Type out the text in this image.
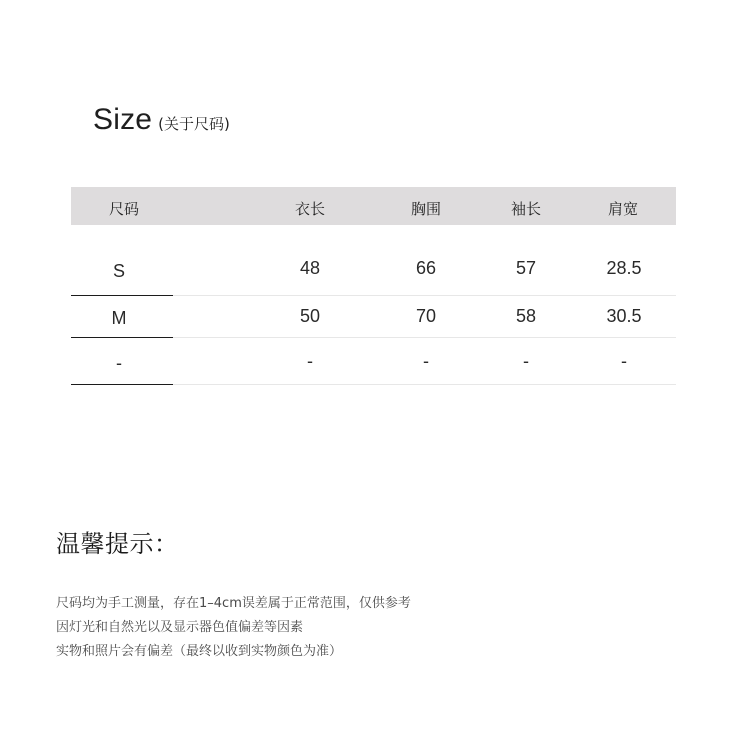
Size (关于尺码)
尺码	衣长	胸围	袖长	肩宽
S	48	66	57	28.5
M	50	70	58	30.5
-	-	-	-	-
温馨提示：
尺码均为手工测量，存在1–4cm误差属于正常范围，仅供参考
因灯光和自然光以及显示器色值偏差等因素
实物和照片会有偏差（最终以收到实物颜色为准）
